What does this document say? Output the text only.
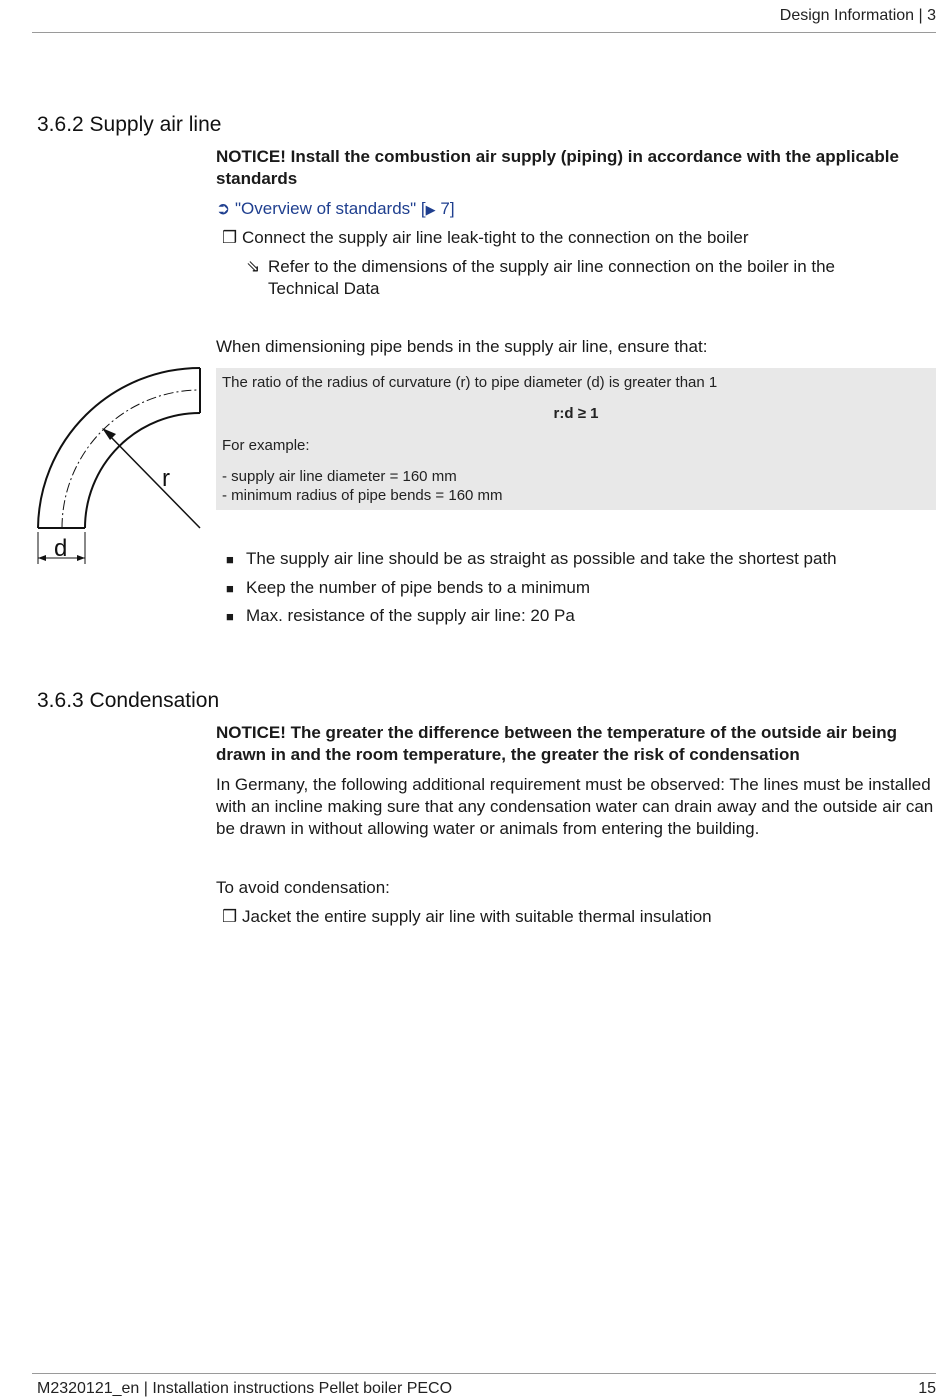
Design Information | 3
3.6.2 Supply air line
NOTICE! Install the combustion air supply (piping) in accordance with the applicable standards
➲ "Overview of standards" [▶ 7]
❒ Connect the supply air line leak-tight to the connection on the boiler
⇘ Refer to the dimensions of the supply air line connection on the boiler in the Technical Data
When dimensioning pipe bends in the supply air line, ensure that:
r
d
The ratio of the radius of curvature (r) to pipe diameter (d) is greater than 1
r:d ≥ 1
For example:
- supply air line diameter = 160 mm
- minimum radius of pipe bends = 160 mm
■ The supply air line should be as straight as possible and take the shortest path
■ Keep the number of pipe bends to a minimum
■ Max. resistance of the supply air line: 20 Pa
3.6.3 Condensation
NOTICE! The greater the difference between the temperature of the outside air being drawn in and the room temperature, the greater the risk of condensation
In Germany, the following additional requirement must be observed: The lines must be installed with an incline making sure that any condensation water can drain away and the outside air can be drawn in without allowing water or animals from entering the building.
To avoid condensation:
❒ Jacket the entire supply air line with suitable thermal insulation
M2320121_en | Installation instructions Pellet boiler PECO	15
